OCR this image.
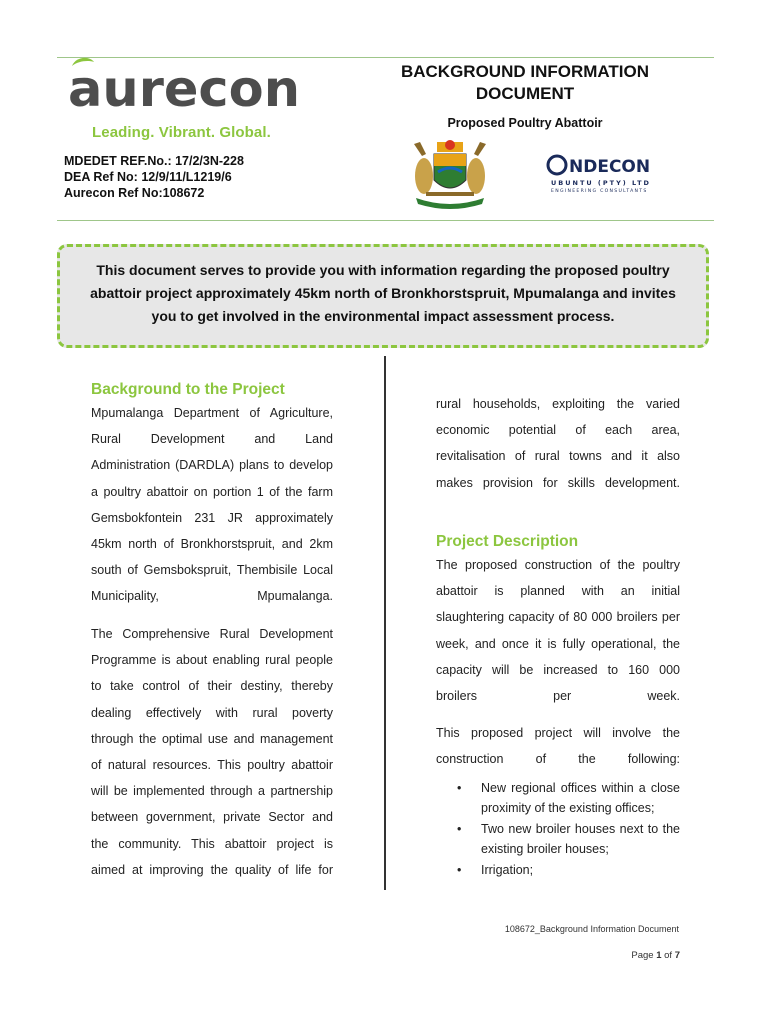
aurecon
Leading. Vibrant. Global.
MDEDET REF.No.: 17/2/3N-228
DEA Ref No: 12/9/11/L1219/6
Aurecon Ref No:108672
BACKGROUND INFORMATION
DOCUMENT
Proposed Poultry Abattoir
NDECON
UBUNTU (PTY) LTD
ENGINEERING CONSULTANTS
This document serves to provide you with information regarding the proposed poultry abattoir project approximately 45km north of Bronkhorstspruit, Mpumalanga and invites you to get involved in the environmental impact assessment process.
Background to the Project
Mpumalanga Department of Agriculture, Rural Development and Land Administration (DARDLA) plans to develop a poultry abattoir on portion 1 of the farm Gemsbokfontein 231 JR approximately 45km north of Bronkhorstspruit, and 2km south of Gemsbokspruit, Thembisile Local Municipality, Mpumalanga.
The Comprehensive Rural Development Programme is about enabling rural people to take control of their destiny, thereby dealing effectively with rural poverty through the optimal use and management of natural resources. This poultry abattoir will be implemented through a partnership between government, private Sector and the community. This abattoir project is aimed at improving the quality of life for
rural households, exploiting the varied economic potential of each area, revitalisation of rural towns and it also makes provision for skills development.
Project Description
The proposed construction of the poultry abattoir is planned with an initial slaughtering capacity of 80 000 broilers per week, and once it is fully operational, the capacity will be increased to 160 000 broilers per week.
This proposed project will involve the construction of the following:
• New regional offices within a close proximity of the existing offices;
• Two new broiler houses next to the existing broiler houses;
• Irrigation;
108672_Background Information Document
Page 1 of 7
